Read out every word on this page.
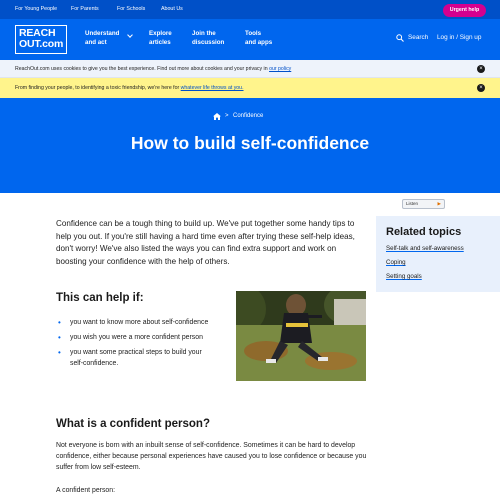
For Young People	For Parents	For Schools	About Us	Urgent help
REACH
OUT.com
Understand
and act
Explore
articles
Join the
discussion
Tools
and apps
Search Log in / Sign up
ReachOut.com uses cookies to give you the best experience. Find out more about cookies and your privacy in our policy	×
From finding your people, to identifying a toxic friendship, we're here for whatever life throws at you.	×
> Confidence
How to build self-confidence
Listen	▶

Confidence can be a tough thing to build up. We've put together some handy tips to help you out. If you're still having a hard time even after trying these self-help ideas, don't worry! We've also listed the ways you can find extra support and work on boosting your confidence with the help of others.

Related topics
Self-talk and self-awareness
Coping
Setting goals
This can help if:
• you want to know more about self-confidence
• you wish you were a more confident person
• you want some practical steps to build your self-confidence.
What is a confident person?

Not everyone is born with an inbuilt sense of self-confidence. Sometimes it can be hard to develop confidence, either because personal experiences have caused you to lose confidence or because you suffer from low self-esteem.

A confident person:
